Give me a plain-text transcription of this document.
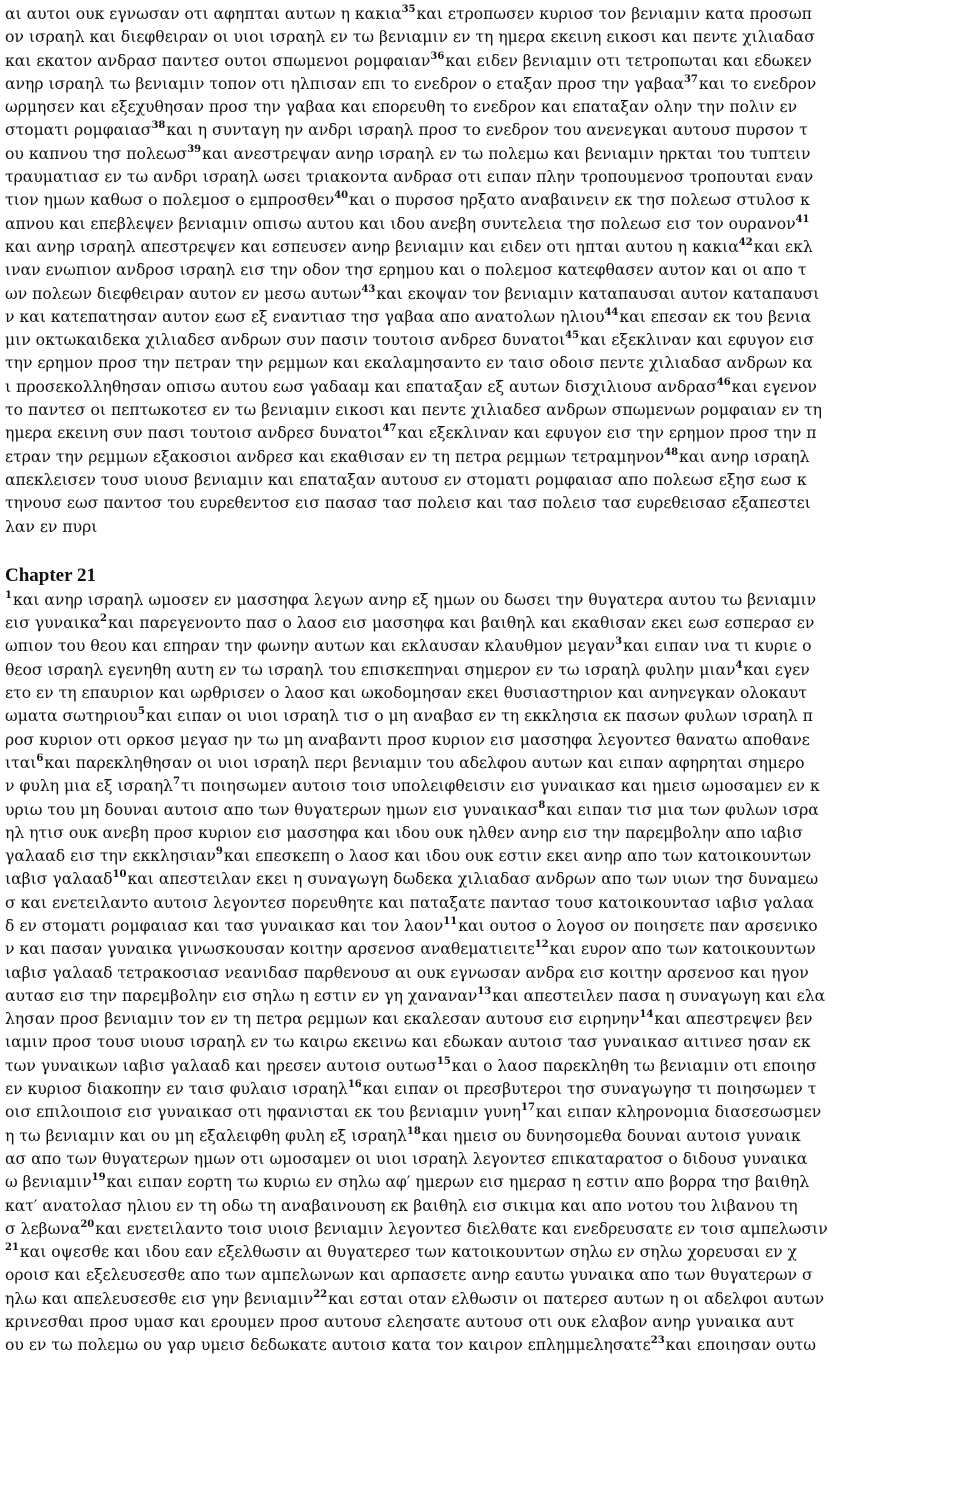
αι αυτοι ουκ εγνωσαν οτι αφηπται αυτων η κακια$^{35}$και ετροπωσεν κυριοσ τον βενιαμιν κατα προσωπ
ον ισραηλ και διεφθειραν οι υιοι ισραηλ εν τω βενιαμιν εν τη ημερα εκεινη εικοσι και πεντε χιλιαδασ
και εκατον ανδρασ παντεσ ουτοι σπωμενοι ρομφαιαν$^{36}$και ειδεν βενιαμιν οτι τετροπωται και εδωκεν
ανηρ ισραηλ τω βενιαμιν τοπον οτι ηλπισαν επι το ενεδρον ο εταξαν προσ την γαβαα$^{37}$και το ενεδρον
ωρμησεν και εξεχυθησαν προσ την γαβαα και επορευθη το ενεδρον και επαταξαν ολην την πολιν εν
στοματι ρομφαιασ$^{38}$και η συνταγη ην ανδρι ισραηλ προσ το ενεδρον του ανενεγκαι αυτουσ πυρσον τ
ου καπνου τησ πολεωσ$^{39}$και ανεστρεψαν ανηρ ισραηλ εν τω πολεμω και βενιαμιν ηρκται του τυπτειν
τραυματιασ εν τω ανδρι ισραηλ ωσει τριακοντα ανδρασ οτι ειπαν πλην τροπουμενοσ τροπουται εναν
τιον ημων καθωσ ο πολεμοσ ο εμπροσθεν$^{40}$και ο πυρσοσ ηρξατο αναβαινειν εκ τησ πολεωσ στυλοσ κ
απνου και επεβλεψεν βενιαμιν οπισω αυτου και ιδου ανεβη συντελεια τησ πολεωσ εισ τον ουρανον$^{41}$
και ανηρ ισραηλ απεστρεψεν και εσπευσεν ανηρ βενιαμιν και ειδεν οτι ηπται αυτου η κακια$^{42}$και εκλ
ιναν ενωπιον ανδροσ ισραηλ εισ την οδον τησ ερημου και ο πολεμοσ κατεφθασεν αυτον και οι απο τ
ων πολεων διεφθειραν αυτον εν μεσω αυτων$^{43}$και εκοψαν τον βενιαμιν καταπαυσαι αυτον καταπαυσι
ν και κατεπατησαν αυτον εωσ εξ εναντιασ τησ γαβαα απο ανατολων ηλιου$^{44}$και επεσαν εκ του βενια
μιν οκτωκαιδεκα χιλιαδεσ ανδρων συν πασιν τουτοισ ανδρεσ δυνατοι$^{45}$και εξεκλιναν και εφυγον εισ
την ερημον προσ την πετραν την ρεμμων και εκαλαμησαντο εν ταισ οδοισ πεντε χιλιαδασ ανδρων κα
ι προσεκολληθησαν οπισω αυτου εωσ γαδααμ και επαταξαν εξ αυτων δισχιλιουσ ανδρασ$^{46}$και εγενον
το παντεσ οι πεπτωκοτεσ εν τω βενιαμιν εικοσι και πεντε χιλιαδεσ ανδρων σπωμενων ρομφαιαν εν τη
ημερα εκεινη συν πασι τουτοισ ανδρεσ δυνατοι$^{47}$και εξεκλιναν και εφυγον εισ την ερημον προσ την π
ετραν την ρεμμων εξακοσιοι ανδρεσ και εκαθισαν εν τη πετρα ρεμμων τετραμηνον$^{48}$και ανηρ ισραηλ
απεκλεισεν τουσ υιουσ βενιαμιν και επαταξαν αυτουσ εν στοματι ρομφαιασ απο πολεωσ εξησ εωσ κ
τηνουσ εωσ παντοσ του ευρεθεντοσ εισ πασασ τασ πολεισ και τασ πολεισ τασ ευρεθεισασ εξαπεστει
λαν εν πυρι
Chapter 21
$^1$και ανηρ ισραηλ ωμοσεν εν μασσηφα λεγων ανηρ εξ ημων ου δωσει την θυγατερα αυτου τω βενιαμιν
εισ γυναικα$^2$και παρεγενοντο πασ ο λαοσ εισ μασσηφα και βαιθηλ και εκαθισαν εκει εωσ εσπερασ εν
ωπιον του θεου και επηραν την φωνην αυτων και εκλαυσαν κλαυθμον μεγαν$^3$και ειπαν ινα τι κυριε ο
θεοσ ισραηλ εγενηθη αυτη εν τω ισραηλ του επισκεπηναι σημερον εν τω ισραηλ φυλην μιαν$^4$και εγεν
ετο εν τη επαυριον και ωρθρισεν ο λαοσ και ωκοδομησαν εκει θυσιαστηριον και ανηνεγκαν ολοκαυτ
ωματα σωτηριου$^5$και ειπαν οι υιοι ισραηλ τισ ο μη αναβασ εν τη εκκλησια εκ πασων φυλων ισραηλ π
ροσ κυριον οτι ορκοσ μεγασ ην τω μη αναβαντι προσ κυριον εισ μασσηφα λεγοντεσ θανατω αποθανε
ιται$^6$και παρεκληθησαν οι υιοι ισραηλ περι βενιαμιν του αδελφου αυτων και ειπαν αφηρηται σημερο
ν φυλη μια εξ ισραηλ$^7$τι ποιησωμεν αυτοισ τοισ υπολειφθεισιν εισ γυναικασ και ημεισ ωμοσαμεν εν κ
υριω του μη δουναι αυτοισ απο των θυγατερων ημων εισ γυναικασ$^8$και ειπαν τισ μια των φυλων ισρα
ηλ ητισ ουκ ανεβη προσ κυριον εισ μασσηφα και ιδου ουκ ηλθεν ανηρ εισ την παρεμβολην απο ιαβισ
γαλααδ εισ την εκκλησιαν$^9$και επεσκεπη ο λαοσ και ιδου ουκ εστιν εκει ανηρ απο των κατοικουντων
ιαβισ γαλααδ$^{10}$και απεστειλαν εκει η συναγωγη δωδεκα χιλιαδασ ανδρων απο των υιων τησ δυναμεω
σ και ενετειλαντο αυτοισ λεγοντεσ πορευθητε και παταξατε παντασ τουσ κατοικουντασ ιαβισ γαλαα
δ εν στοματι ρομφαιασ και τασ γυναικασ και τον λαον$^{11}$και ουτοσ ο λογοσ ον ποιησετε παν αρσενικο
ν και πασαν γυναικα γινωσκουσαν κοιτην αρσενοσ αναθεματιειτε$^{12}$και ευρον απο των κατοικουντων
ιαβισ γαλααδ τετρακοσιασ νεανιδασ παρθενουσ αι ουκ εγνωσαν ανδρα εισ κοιτην αρσενοσ και ηγον
αυτασ εισ την παρεμβολην εισ σηλω η εστιν εν γη χαναναν$^{13}$και απεστειλεν πασα η συναγωγη και ελα
λησαν προσ βενιαμιν τον εν τη πετρα ρεμμων και εκαλεσαν αυτουσ εισ ειρηνην$^{14}$και απεστρεψεν βεν
ιαμιν προσ τουσ υιουσ ισραηλ εν τω καιρω εκεινω και εδωκαν αυτοισ τασ γυναικασ αιτινεσ ησαν εκ
των γυναικων ιαβισ γαλααδ και ηρεσεν αυτοισ ουτωσ$^{15}$και ο λαοσ παρεκληθη τω βενιαμιν οτι εποιησ
εν κυριοσ διακοπην εν ταισ φυλαισ ισραηλ$^{16}$και ειπαν οι πρεσβυτεροι τησ συναγωγησ τι ποιησωμεν τ
οισ επιλοιποισ εισ γυναικασ οτι ηφανισται εκ του βενιαμιν γυνη$^{17}$και ειπαν κληρονομια διασεσωσμεν
η τω βενιαμιν και ου μη εξαλειφθη φυλη εξ ισραηλ$^{18}$και ημεισ ου δυνησομεθα δουναι αυτοισ γυναικ
ασ απο των θυγατερων ημων οτι ωμοσαμεν οι υιοι ισραηλ λεγοντεσ επικαταρατοσ ο διδουσ γυναικα
ω βενιαμιν$^{19}$και ειπαν εορτη τω κυριω εν σηλω αφ′ ημερων εισ ημερασ η εστιν απο βορρα τησ βαιθηλ
κατ′ ανατολασ ηλιου εν τη οδω τη αναβαινουση εκ βαιθηλ εισ σικιμα και απο νοτου του λιβανου τη
σ λεβωνα$^{20}$και ενετειλαντο τοισ υιοισ βενιαμιν λεγοντεσ διελθατε και ενεδρευσατε εν τοισ αμπελωσιν
$^{21}$και οψεσθε και ιδου εαν εξελθωσιν αι θυγατερεσ των κατοικουντων σηλω εν σηλω χορευσαι εν χ
οροισ και εξελευσεσθε απο των αμπελωνων και αρπασετε ανηρ εαυτω γυναικα απο των θυγατερων σ
ηλω και απελευσεσθε εισ γην βενιαμιν$^{22}$και εσται οταν ελθωσιν οι πατερεσ αυτων η οι αδελφοι αυτων
κρινεσθαι προσ υμασ και ερουμεν προσ αυτουσ ελεησατε αυτουσ οτι ουκ ελαβον ανηρ γυναικα αυτ
ου εν τω πολεμω ου γαρ υμεισ δεδωκατε αυτοισ κατα τον καιρον επλημμελησατε$^{23}$και εποιησαν ουτω
